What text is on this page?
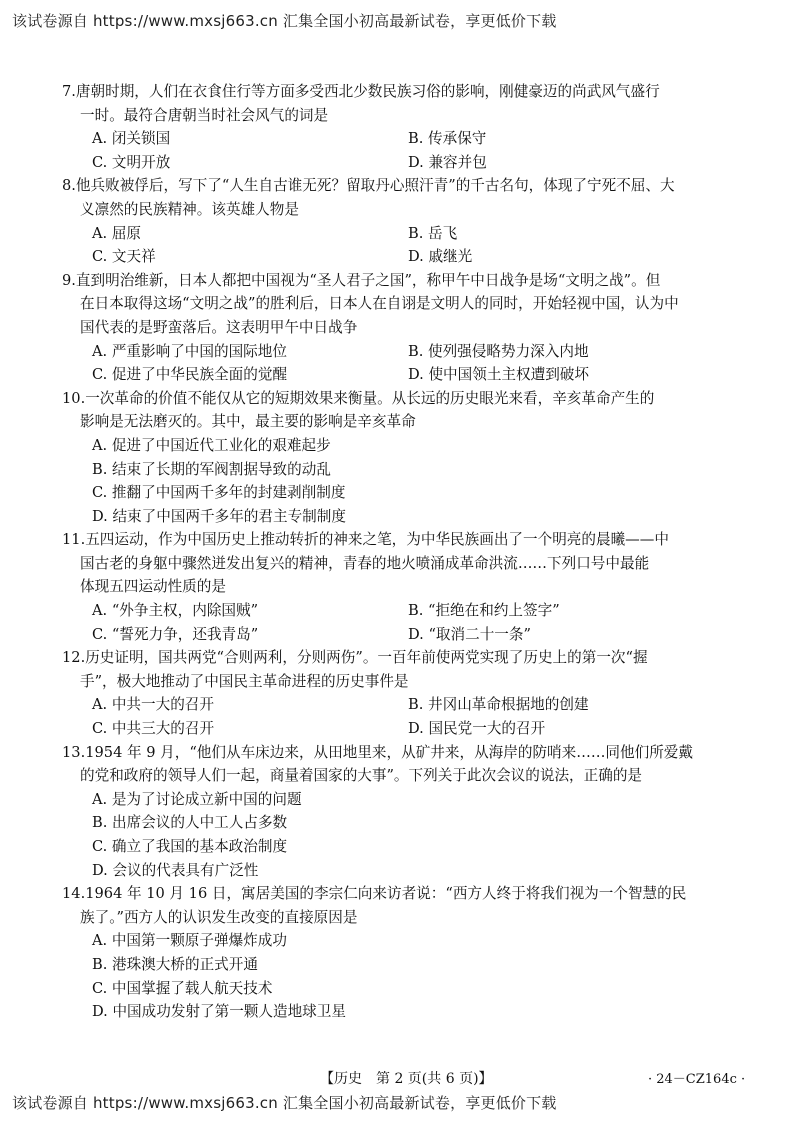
该试卷源自 https://www.mxsj663.cn 汇集全国小初高最新试卷，享更低价下载
7.唐朝时期，人们在衣食住行等方面多受西北少数民族习俗的影响，刚健豪迈的尚武风气盛行
一时。最符合唐朝当时社会风气的词是
A. 闭关锁国	B. 传承保守
C. 文明开放	D. 兼容并包
8.他兵败被俘后，写下了“人生自古谁无死？留取丹心照汗青”的千古名句，体现了宁死不屈、大
义凛然的民族精神。该英雄人物是
A. 屈原	B. 岳飞
C. 文天祥	D. 戚继光
9.直到明治维新，日本人都把中国视为“圣人君子之国”，称甲午中日战争是场“文明之战”。但
在日本取得这场“文明之战”的胜利后，日本人在自诩是文明人的同时，开始轻视中国，认为中
国代表的是野蛮落后。这表明甲午中日战争
A. 严重影响了中国的国际地位	B. 使列强侵略势力深入内地
C. 促进了中华民族全面的觉醒	D. 使中国领土主权遭到破坏
10.一次革命的价值不能仅从它的短期效果来衡量。从长远的历史眼光来看，辛亥革命产生的
影响是无法磨灭的。其中，最主要的影响是辛亥革命
A. 促进了中国近代工业化的艰难起步
B. 结束了长期的军阀割据导致的动乱
C. 推翻了中国两千多年的封建剥削制度
D. 结束了中国两千多年的君主专制制度
11.五四运动，作为中国历史上推动转折的神来之笔，为中华民族画出了一个明亮的晨曦——中
国古老的身躯中骤然迸发出复兴的精神，青春的地火喷涌成革命洪流……下列口号中最能
体现五四运动性质的是
A. “外争主权，内除国贼”	B. “拒绝在和约上签字”
C. “誓死力争，还我青岛”	D. “取消二十一条”
12.历史证明，国共两党“合则两利，分则两伤”。一百年前使两党实现了历史上的第一次“握
手”，极大地推动了中国民主革命进程的历史事件是
A. 中共一大的召开	B. 井冈山革命根据地的创建
C. 中共三大的召开	D. 国民党一大的召开
13.1954 年 9 月，“他们从车床边来，从田地里来，从矿井来，从海岸的防哨来……同他们所爱戴
的党和政府的领导人们一起，商量着国家的大事”。下列关于此次会议的说法，正确的是
A. 是为了讨论成立新中国的问题
B. 出席会议的人中工人占多数
C. 确立了我国的基本政治制度
D. 会议的代表具有广泛性
14.1964 年 10 月 16 日，寓居美国的李宗仁向来访者说：“西方人终于将我们视为一个智慧的民
族了。”西方人的认识发生改变的直接原因是
A. 中国第一颗原子弹爆炸成功
B. 港珠澳大桥的正式开通
C. 中国掌握了载人航天技术
D. 中国成功发射了第一颗人造地球卫星
【历史　第 2 页(共 6 页)】	· 24－CZ164c ·
该试卷源自 https://www.mxsj663.cn 汇集全国小初高最新试卷，享更低价下载
